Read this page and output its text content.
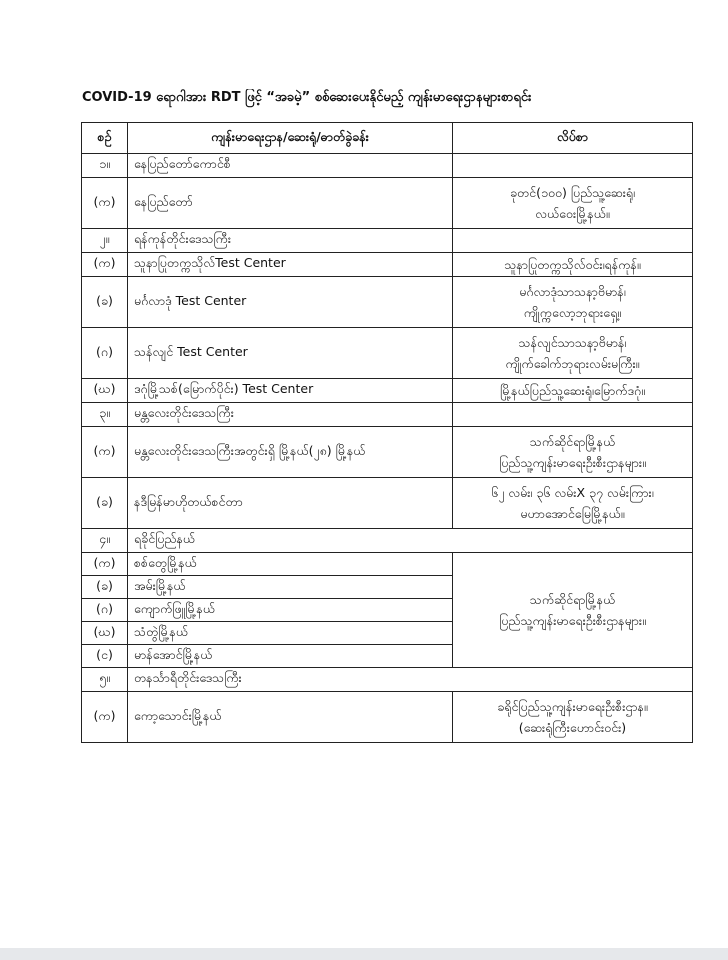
COVID-19 ရောဂါအား RDT ဖြင့် “အခမဲ့” စစ်ဆေးပေးနိုင်မည့် ကျန်းမာရေးဌာနများစာရင်း
စဉ်	ကျန်းမာရေးဌာန/ဆေးရုံ/ဓာတ်ခွဲခန်း	လိပ်စာ
၁။	နေပြည်တော်ကောင်စီ	
(က)	နေပြည်တော်	ခုတင်(၁၀၀) ပြည်သူ့ဆေးရုံ၊
လယ်ဝေးမြို့နယ်။

၂။	ရန်ကုန်တိုင်းဒေသကြီး	
(က)	သူနာပြုတက္ကသိုလ်Test Center	သူနာပြုတက္ကသိုလ်ဝင်း၊ရန်ကုန်။
(ခ)	မင်္ဂလာဒုံ Test Center	မင်္ဂလာဒုံသာသနာ့ဗိမာန်၊
ကျိုက္ကလော့ဘုရားရှေ့။

(ဂ)	သန်လျင် Test Center	သန်လျင်သာသနာ့ဗိမာန်၊
ကျိုက်ခေါက်ဘုရားလမ်းမကြီး။

(ဃ)	ဒဂုံမြို့သစ်(မြောက်ပိုင်း) Test Center	မြို့နယ်ပြည်သူ့ဆေးရုံ၊မြောက်ဒဂုံ။
၃။	မန္တလေးတိုင်းဒေသကြီး	
(က)	မန္တလေးတိုင်းဒေသကြီးအတွင်းရှိ မြို့နယ်(၂၈) မြို့နယ်	သက်ဆိုင်ရာမြို့နယ်
ပြည်သူ့ကျန်းမာရေးဦးစီးဌာနများ။

(ခ)	နဒီမြန်မာဟိုတယ်စင်တာ	၆၂ လမ်း၊ ၃၆ လမ်းX ၃၇ လမ်းကြား၊
မဟာအောင်မြေမြို့နယ်။

၄။	ရခိုင်ပြည်နယ်	
(က)	စစ်တွေမြို့နယ်	သက်ဆိုင်ရာမြို့နယ်
ပြည်သူ့ကျန်းမာရေးဦးစီးဌာနများ။

(ခ)	အမ်းမြို့နယ်	
(ဂ)	ကျောက်ဖြူမြို့နယ်	
(ဃ)	သံတွဲမြို့နယ်	
(င)	မာန်အောင်မြို့နယ်	
၅။	တနင်္သာရီတိုင်းဒေသကြီး	
(က)	ကော့သောင်းမြို့နယ်	ခရိုင်ပြည်သူ့ကျန်းမာရေးဦးစီးဌာန။
(ဆေးရုံကြီးဟောင်းဝင်း)
